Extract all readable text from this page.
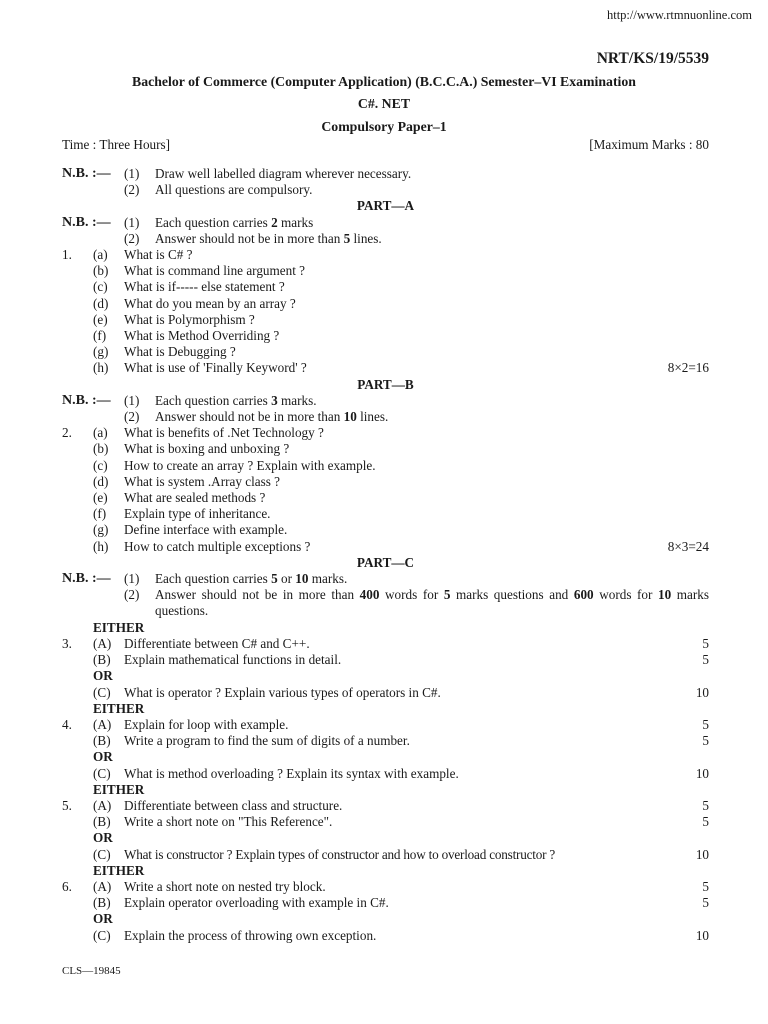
http://www.rtmnuonline.com
NRT/KS/19/5539
Bachelor of Commerce (Computer Application) (B.C.C.A.) Semester–VI Examination
C#. NET
Compulsory Paper–1
Time : Three Hours]	[Maximum Marks : 80
N.B. :—	(1)	Draw well labelled diagram wherever necessary.
(2)	All questions are compulsory.
PART—A
N.B. :—	(1)	Each question carries 2 marks
(2)	Answer should not be in more than 5 lines.
1.	(a)	What is C# ?
(b)	What is command line argument ?
(c)	What is if----- else statement ?
(d)	What do you mean by an array ?
(e)	What is Polymorphism ?
(f)	What is Method Overriding ?
(g)	What is Debugging ?
(h)	What is use of 'Finally Keyword' ?	8×2=16
PART—B
N.B. :—	(1)	Each question carries 3 marks.
(2)	Answer should not be in more than 10 lines.
2.	(a)	What is benefits of .Net Technology ?
(b)	What is boxing and unboxing ?
(c)	How to create an array ? Explain with example.
(d)	What is system .Array class ?
(e)	What are sealed methods ?
(f)	Explain type of inheritance.
(g)	Define interface with example.
(h)	How to catch multiple exceptions ?	8×3=24
PART—C
N.B. :—	(1)	Each question carries 5 or 10 marks.
(2)	Answer should not be in more than 400 words for 5 marks questions and 600 words for 10 marks questions.
EITHER
3.	(A) Differentiate between C# and C++.	5
(B)	Explain mathematical functions in detail.	5
OR
(C)	What is operator ? Explain various types of operators in C#.	10
EITHER
4.	(A) Explain for loop with example.	5
(B)	Write a program to find the sum of digits of a number.	5
OR
(C)	What is method overloading ? Explain its syntax with example.	10
EITHER
5.	(A) Differentiate between class and structure.	5
(B)	Write a short note on "This Reference".	5
OR
(C)	What is constructor ? Explain types of constructor and how to overload constructor ?	10
EITHER
6.	(A) Write a short note on nested try block.	5
(B)	Explain operator overloading with example in C#.	5
OR
(C)	Explain the process of throwing own exception.	10
CLS—19845
